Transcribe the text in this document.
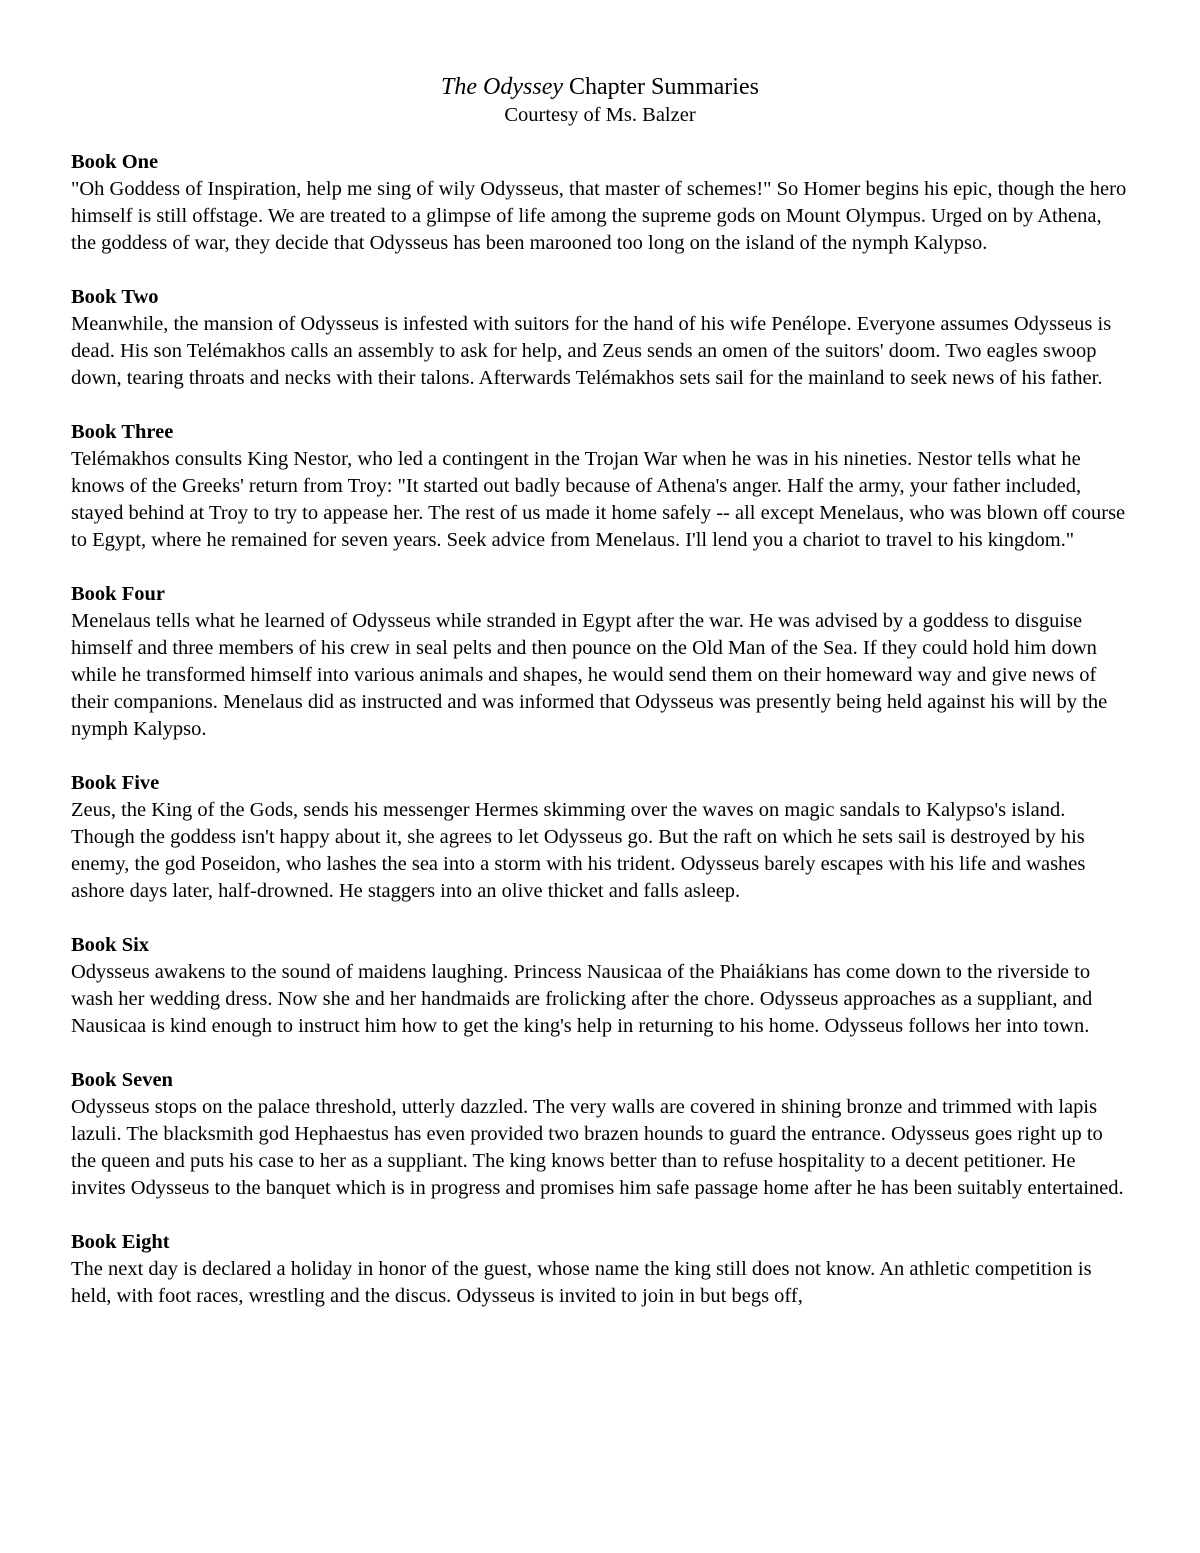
The Odyssey Chapter Summaries

Courtesy of Ms. Balzer

Book One

"Oh Goddess of Inspiration, help me sing of wily Odysseus, that master of schemes!" So Homer begins his epic, though the hero himself is still offstage. We are treated to a glimpse of life among the supreme gods on Mount Olympus. Urged on by Athena, the goddess of war, they decide that Odysseus has been marooned too long on the island of the nymph Kalypso.

Book Two

Meanwhile, the mansion of Odysseus is infested with suitors for the hand of his wife Penélope. Everyone assumes Odysseus is dead. His son Telémakhos calls an assembly to ask for help, and Zeus sends an omen of the suitors' doom. Two eagles swoop down, tearing throats and necks with their talons. Afterwards Telémakhos sets sail for the mainland to seek news of his father.

Book Three

Telémakhos consults King Nestor, who led a contingent in the Trojan War when he was in his nineties. Nestor tells what he knows of the Greeks' return from Troy: "It started out badly because of Athena's anger. Half the army, your father included, stayed behind at Troy to try to appease her. The rest of us made it home safely -- all except Menelaus, who was blown off course to Egypt, where he remained for seven years. Seek advice from Menelaus. I'll lend you a chariot to travel to his kingdom."

Book Four

Menelaus tells what he learned of Odysseus while stranded in Egypt after the war. He was advised by a goddess to disguise himself and three members of his crew in seal pelts and then pounce on the Old Man of the Sea. If they could hold him down while he transformed himself into various animals and shapes, he would send them on their homeward way and give news of their companions. Menelaus did as instructed and was informed that Odysseus was presently being held against his will by the nymph Kalypso.

Book Five

Zeus, the King of the Gods, sends his messenger Hermes skimming over the waves on magic sandals to Kalypso's island. Though the goddess isn't happy about it, she agrees to let Odysseus go. But the raft on which he sets sail is destroyed by his enemy, the god Poseidon, who lashes the sea into a storm with his trident. Odysseus barely escapes with his life and washes ashore days later, half-drowned. He staggers into an olive thicket and falls asleep.

Book Six

Odysseus awakens to the sound of maidens laughing. Princess Nausicaa of the Phaiákians has come down to the riverside to wash her wedding dress. Now she and her handmaids are frolicking after the chore. Odysseus approaches as a suppliant, and Nausicaa is kind enough to instruct him how to get the king's help in returning to his home. Odysseus follows her into town.

Book Seven

Odysseus stops on the palace threshold, utterly dazzled. The very walls are covered in shining bronze and trimmed with lapis lazuli. The blacksmith god Hephaestus has even provided two brazen hounds to guard the entrance. Odysseus goes right up to the queen and puts his case to her as a suppliant. The king knows better than to refuse hospitality to a decent petitioner. He invites Odysseus to the banquet which is in progress and promises him safe passage home after he has been suitably entertained.

Book Eight

The next day is declared a holiday in honor of the guest, whose name the king still does not know. An athletic competition is held, with foot races, wrestling and the discus. Odysseus is invited to join in but begs off,
